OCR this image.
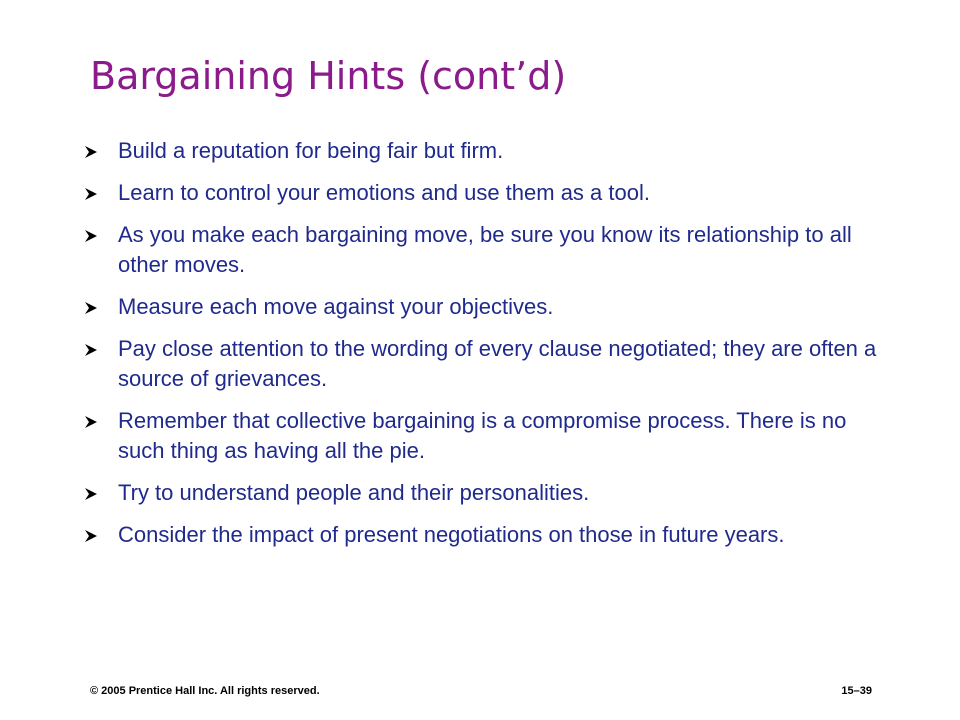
Bargaining Hints (cont’d)
Build a reputation for being fair but firm.
Learn to control your emotions and use them as a tool.
As you make each bargaining move, be sure you know its relationship to all other moves.
Measure each move against your objectives.
Pay close attention to the wording of every clause negotiated; they are often a source of grievances.
Remember that collective bargaining is a compromise process. There is no such thing as having all the pie.
Try to understand people and their personalities.
Consider the impact of present negotiations on those in future years.
© 2005 Prentice Hall Inc. All rights reserved.	15–39
